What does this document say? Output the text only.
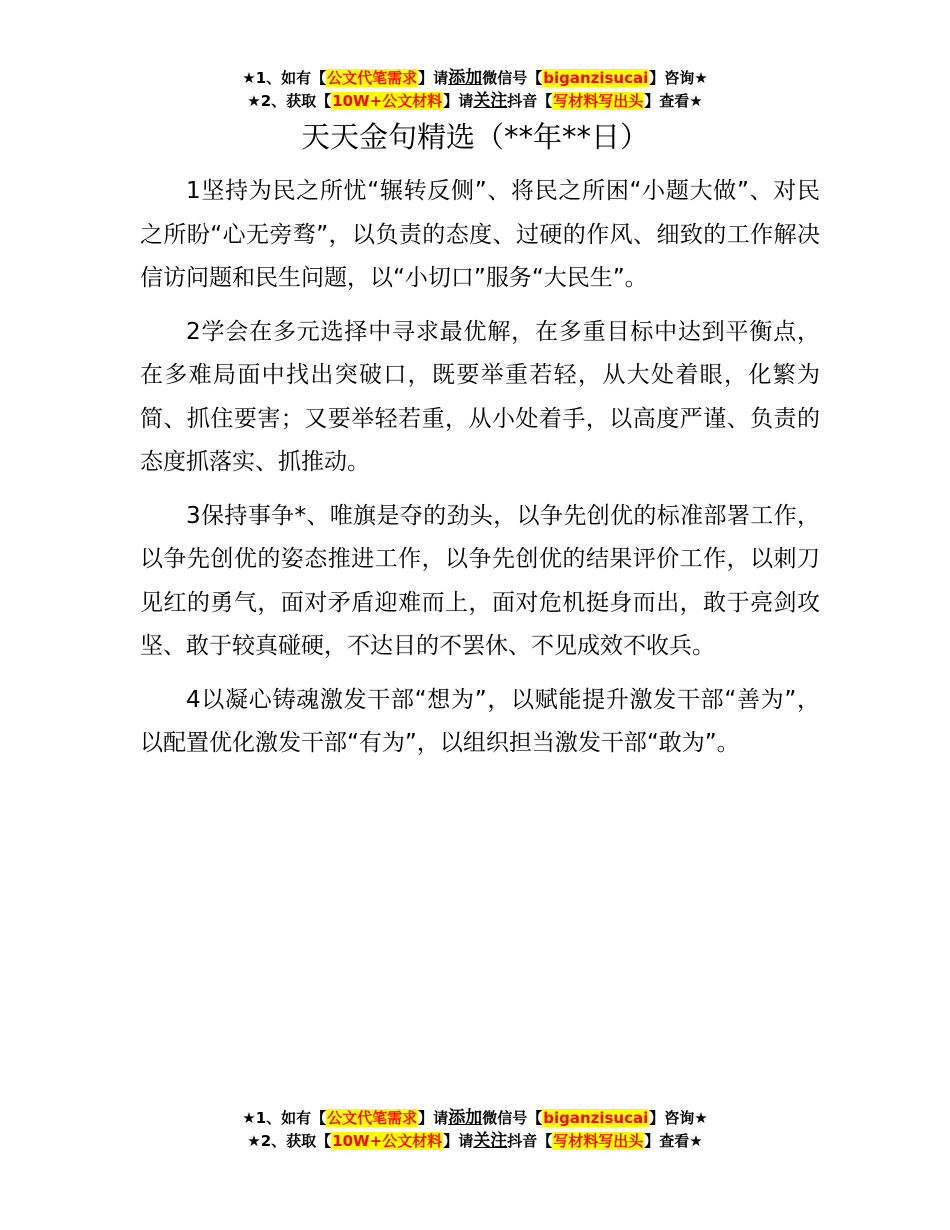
★1、如有【公文代笔需求】请添加微信号【biganzisucai】咨询★
★2、获取【10W+公文材料】请关注抖音【写材料写出头】查看★
天天金句精选（**年**日）

1坚持为民之所忧“辗转反侧”、将民之所困“小题大做”、对民之所盼“心无旁骛”，以负责的态度、过硬的作风、细致的工作解决信访问题和民生问题，以“小切口”服务“大民生”。

2学会在多元选择中寻求最优解，在多重目标中达到平衡点，在多难局面中找出突破口，既要举重若轻，从大处着眼，化繁为简、抓住要害；又要举轻若重，从小处着手，以高度严谨、负责的态度抓落实、抓推动。

3保持事争*、唯旗是夺的劲头，以争先创优的标准部署工作，以争先创优的姿态推进工作，以争先创优的结果评价工作，以刺刀见红的勇气，面对矛盾迎难而上，面对危机挺身而出，敢于亮剑攻坚、敢于较真碰硬，不达目的不罢休、不见成效不收兵。

4以凝心铸魂激发干部“想为”，以赋能提升激发干部“善为”，以配置优化激发干部“有为”，以组织担当激发干部“敢为”。

★1、如有【公文代笔需求】请添加微信号【biganzisucai】咨询★
★2、获取【10W+公文材料】请关注抖音【写材料写出头】查看★
